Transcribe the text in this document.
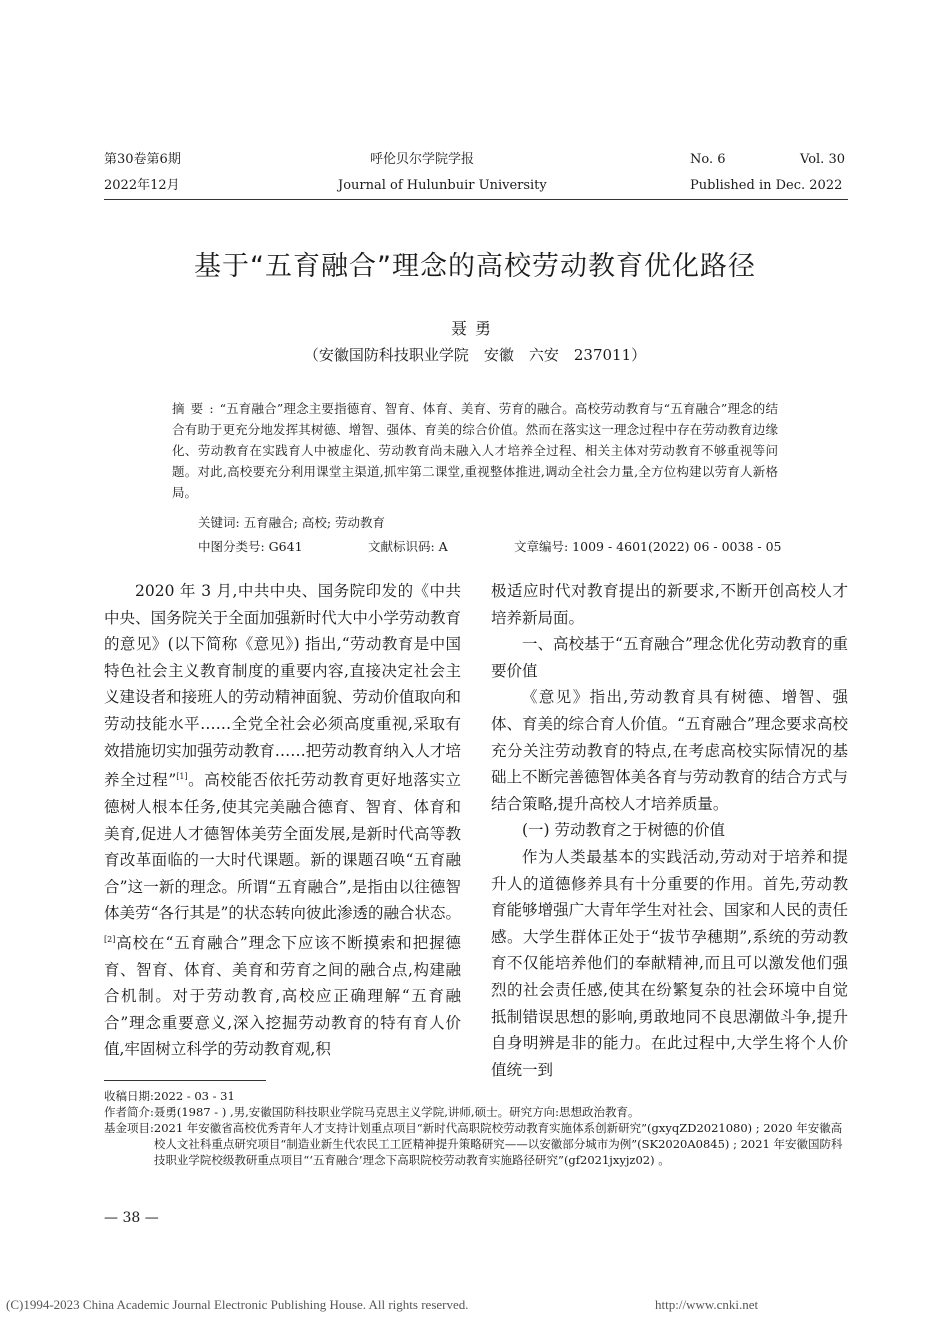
第30卷第6期	呼伦贝尔学院学报	No. 6	Vol. 30
2022年12月	Journal of Hulunbuir University	Published in Dec. 2022
基于“五育融合”理念的高校劳动教育优化路径
聂勇
（安徽国防科技职业学院　安徽　六安　237011）
摘要:“五育融合”理念主要指德育、智育、体育、美育、劳育的融合。高校劳动教育与“五育融合”理念的结合有助于更充分地发挥其树德、增智、强体、育美的综合价值。然而在落实这一理念过程中存在劳动教育边缘化、劳动教育在实践育人中被虚化、劳动教育尚未融入人才培养全过程、相关主体对劳动教育不够重视等问题。对此,高校要充分利用课堂主渠道,抓牢第二课堂,重视整体推进,调动全社会力量,全方位构建以劳育人新格局。
关键词: 五育融合; 高校; 劳动教育
中图分类号: G641	文献标识码: A	文章编号: 1009 - 4601(2022) 06 - 0038 - 05

2020 年 3 月,中共中央、国务院印发的《中共中央、国务院关于全面加强新时代大中小学劳动教育的意见》(以下简称《意见》) 指出,“劳动教育是中国特色社会主义教育制度的重要内容,直接决定社会主义建设者和接班人的劳动精神面貌、劳动价值取向和劳动技能水平……全党全社会必须高度重视,采取有效措施切实加强劳动教育……把劳动教育纳入人才培养全过程”[1]。高校能否依托劳动教育更好地落实立德树人根本任务,使其完美融合德育、智育、体育和美育,促进人才德智体美劳全面发展,是新时代高等教育改革面临的一大时代课题。新的课题召唤“五育融合”这一新的理念。所谓“五育融合”,是指由以往德智体美劳“各行其是”的状态转向彼此渗透的融合状态。[2]高校在“五育融合”理念下应该不断摸索和把握德育、智育、体育、美育和劳育之间的融合点,构建融合机制。对于劳动教育,高校应正确理解“五育融合”理念重要意义,深入挖掘劳动教育的特有育人价值,牢固树立科学的劳动教育观,积

极适应时代对教育提出的新要求,不断开创高校人才培养新局面。

一、高校基于“五育融合”理念优化劳动教育的重要价值

《意见》指出,劳动教育具有树德、增智、强体、育美的综合育人价值。“五育融合”理念要求高校充分关注劳动教育的特点,在考虑高校实际情况的基础上不断完善德智体美各育与劳动教育的结合方式与结合策略,提升高校人才培养质量。

(一) 劳动教育之于树德的价值

作为人类最基本的实践活动,劳动对于培养和提升人的道德修养具有十分重要的作用。首先,劳动教育能够增强广大青年学生对社会、国家和人民的责任感。大学生群体正处于“拔节孕穗期”,系统的劳动教育不仅能培养他们的奉献精神,而且可以激发他们强烈的社会责任感,使其在纷繁复杂的社会环境中自觉抵制错误思想的影响,勇敢地同不良思潮做斗争,提升自身明辨是非的能力。在此过程中,大学生将个人价值统一到

收稿日期: 2022 - 03 - 31
作者简介: 聂勇(1987 - ) ,男,安徽国防科技职业学院马克思主义学院,讲师,硕士。研究方向:思想政治教育。
基金项目: 2021 年安徽省高校优秀青年人才支持计划重点项目“新时代高职院校劳动教育实施体系创新研究”(gxyqZD2021080) ; 2020 年安徽高校人文社科重点研究项目“制造业新生代农民工工匠精神提升策略研究——以安徽部分城市为例”(SK2020A0845) ; 2021 年安徽国防科技职业学院校级教研重点项目“‘五育融合’理念下高职院校劳动教育实施路径研究”(gf2021jxyjz02) 。
— 38 —
(C)1994-2023 China Academic Journal Electronic Publishing House. All rights reserved.	http://www.cnki.net
